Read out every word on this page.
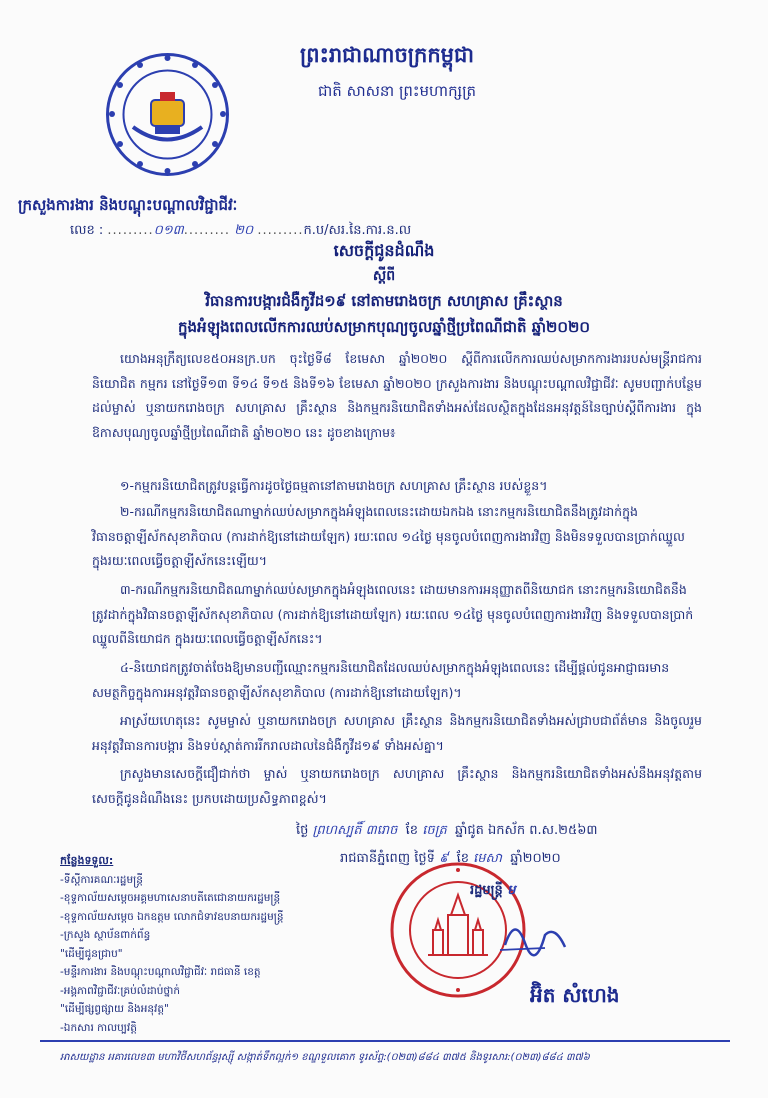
ព្រះរាជាណាចក្រកម្ពុជា
ជាតិ សាសនា ព្រះមហាក្សត្រ
ក្រសួងការងារ និងបណ្តុះបណ្តាលវិជ្ជាជីវៈ
លេខ : .........០១៣......... ២០ .........ក.ប/សរ.នៃ.ការ.ន.ល
សេចក្តីជូនដំណឹង
ស្តីពី
វិធានការបង្ការជំងឺកូវីដ១៩ នៅតាមរោងចក្រ សហគ្រាស គ្រឹះស្ថាន
ក្នុងអំឡុងពេលលើកការឈប់សម្រាកបុណ្យចូលឆ្នាំថ្មីប្រពៃណីជាតិ ឆ្នាំ២០២០
យោងអនុក្រឹត្យលេខ៥០អនក្រ.បក ចុះថ្ងៃទី៨ ខែមេសា ឆ្នាំ២០២០ ស្តីពីការលើកការឈប់សម្រាកការងាររបស់មន្ត្រីរាជការ និយោជិត កម្មករ នៅថ្ងៃទី១៣ ទី១៤ ទី១៥ និងទី១៦ ខែមេសា ឆ្នាំ២០២០ ក្រសួងការងារ និងបណ្តុះបណ្តាលវិជ្ជាជីវៈ សូមបញ្ជាក់បន្ថែមដល់ម្ចាស់ ឬនាយករោងចក្រ សហគ្រាស គ្រឹះស្ថាន និងកម្មករនិយោជិតទាំងអស់ដែលស្ថិតក្នុងដែនអនុវត្តន៍នៃច្បាប់ស្តីពីការងារ ក្នុងឱកាសបុណ្យចូលឆ្នាំថ្មីប្រពៃណីជាតិ ឆ្នាំ២០២០ នេះ ដូចខាងក្រោម៖
១-កម្មករនិយោជិតត្រូវបន្តធ្វើការដូចថ្ងៃធម្មតានៅតាមរោងចក្រ សហគ្រាស គ្រឹះស្ថាន របស់ខ្លួន។
២-ករណីកម្មករនិយោជិតណាម្នាក់ឈប់សម្រាកក្នុងអំឡុងពេលនេះដោយឯកឯង នោះកម្មករនិយោជិតនឹងត្រូវដាក់ក្នុងវិធានចត្តាឡីស័កសុខាភិបាល (ការដាក់ឱ្យនៅដោយឡែក) រយៈពេល ១៤ថ្ងៃ មុនចូលបំពេញការងារវិញ និងមិនទទួលបានប្រាក់ឈ្នួល ក្នុងរយៈពេលធ្វើចត្តាឡីស័កនេះឡើយ។
៣-ករណីកម្មករនិយោជិតណាម្នាក់ឈប់សម្រាកក្នុងអំឡុងពេលនេះ ដោយមានការអនុញ្ញាតពីនិយោជក នោះកម្មករនិយោជិតនឹងត្រូវដាក់ក្នុងវិធានចត្តាឡីស័កសុខាភិបាល (ការដាក់ឱ្យនៅដោយឡែក) រយៈពេល ១៤ថ្ងៃ មុនចូលបំពេញការងារវិញ និងទទួលបានប្រាក់ឈ្នួលពីនិយោជក ក្នុងរយៈពេលធ្វើចត្តាឡីស័កនេះ។
៤-និយោជកត្រូវចាត់ចែងឱ្យមានបញ្ជីឈ្មោះកម្មករនិយោជិតដែលឈប់សម្រាកក្នុងអំឡុងពេលនេះ ដើម្បីផ្តល់ជូនអាជ្ញាធរមានសមត្ថកិច្ចក្នុងការអនុវត្តវិធានចត្តាឡីស័កសុខាភិបាល (ការដាក់ឱ្យនៅដោយឡែក)។
អាស្រ័យហេតុនេះ សូមម្ចាស់ ឬនាយករោងចក្រ សហគ្រាស គ្រឹះស្ថាន និងកម្មករនិយោជិតទាំងអស់ជ្រាបជាព័ត៌មាន និងចូលរួមអនុវត្តវិធានការបង្ការ និងទប់ស្កាត់ការរីករាលដាលនៃជំងឺកូវីដ១៩ ទាំងអស់គ្នា។
ក្រសួងមានសេចក្តីជឿជាក់ថា ម្ចាស់ ឬនាយករោងចក្រ សហគ្រាស គ្រឹះស្ថាន និងកម្មករនិយោជិតទាំងអស់នឹងអនុវត្តតាមសេចក្តីជូនដំណឹងនេះ ប្រកបដោយប្រសិទ្ធភាពខ្ពស់។
ថ្ងៃ ព្រហស្បតិ៍ ៣រោច ខែ ចេត្រ ឆ្នាំជូត ឯកស័ក ព.ស.២៥៦៣
រាជធានីភ្នំពេញ ថ្ងៃទី ៩ ខែ មេសា ឆ្នាំ២០២០
កន្លែងទទួល:
-ទីស្តីការគណៈរដ្ឋមន្ត្រី
-ខុទ្ទកាល័យសម្តេចអគ្គមហាសេនាបតីតេជោនាយករដ្ឋមន្ត្រី
-ខុទ្ទកាល័យសម្តេច ឯកឧត្តម លោកជំទាវឧបនាយករដ្ឋមន្ត្រី
-ក្រសួង ស្ថាប័នពាក់ព័ន្ធ
"ដើម្បីជូនជ្រាប"
-មន្ទីរការងារ និងបណ្តុះបណ្តាលវិជ្ជាជីវៈ រាជធានី ខេត្ត
-អង្គភាពវិជ្ជាជីវៈគ្រប់លំដាប់ថ្នាក់
"ដើម្បីផ្សព្វផ្សាយ និងអនុវត្ត"
-ឯកសារ កាលប្បវត្តិ
រដ្ឋមន្ត្រី ម
អ៊ិត សំហេង
អាសយដ្ឋាន អគារលេខ៣ មហាវិថីសហព័ន្ធរុស្ស៊ី សង្កាត់ទឹកល្អក់១ ខណ្ឌទួលគោក ទូរស័ព្ទ:(០២៣)៨៨៤ ៣៧៥ និងទូរសារ:(០២៣)៨៨៤ ៣៧៦
